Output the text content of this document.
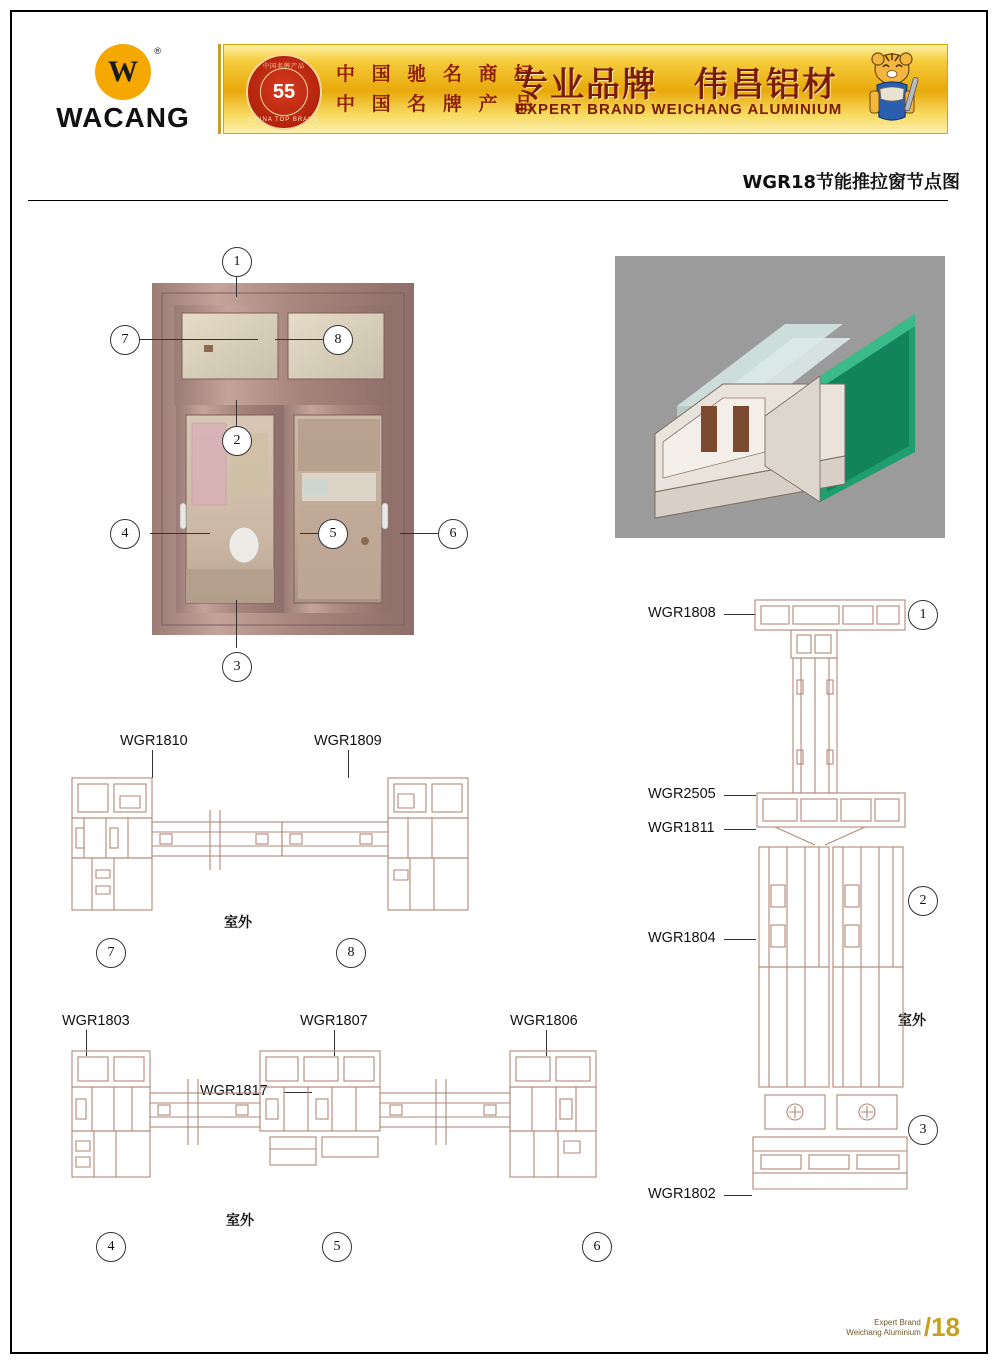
W
®
WACANG
中国名牌产品
55
CHINA TOP BRAND
中 国 驰 名 商 标
中 国 名 牌 产 品
专业品牌　伟昌铝材
EXPERT BRAND WEICHANG ALUMINIUM
WGR18节能推拉窗节点图
1
7	8
2
4	5	6
3
WGR1808	1
WGR2505
WGR1811
2
WGR1804
室外
3
WGR1802
WGR1810	WGR1809
室外
7	8
WGR1803	WGR1807	WGR1806
WGR1817
室外
4	5	6
Expert Brand
Weichang Aluminium /18
